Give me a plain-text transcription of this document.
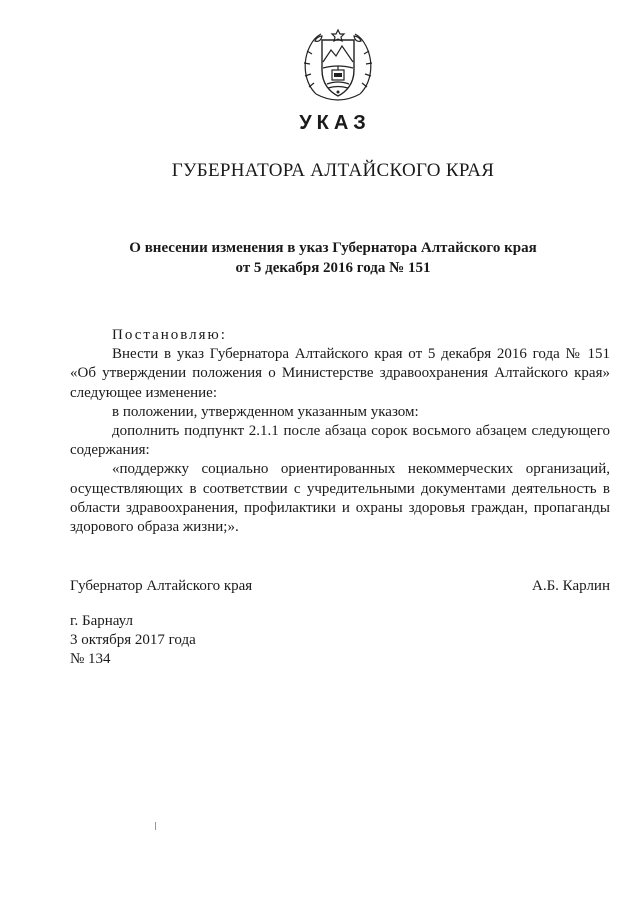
УКАЗ
ГУБЕРНАТОРА АЛТАЙСКОГО КРАЯ
О внесении изменения в указ Губернатора Алтайского края
от 5 декабря 2016 года № 151

Постановляю:

Внести в указ Губернатора Алтайского края от 5 декабря 2016 года № 151 «Об утверждении положения о Министерстве здравоохранения Алтайского края» следующее изменение:

в положении, утвержденном указанным указом:

дополнить подпункт 2.1.1 после абзаца сорок восьмого абзацем следующего содержания:

«поддержку социально ориентированных некоммерческих организаций, осуществляющих в соответствии с учредительными документами деятельность в области здравоохранения, профилактики и охраны здоровья граждан, пропаганды здорового образа жизни;».

Губернатор Алтайского края	А.Б. Карлин
г. Барнаул
3 октября 2017 года
№ 134
